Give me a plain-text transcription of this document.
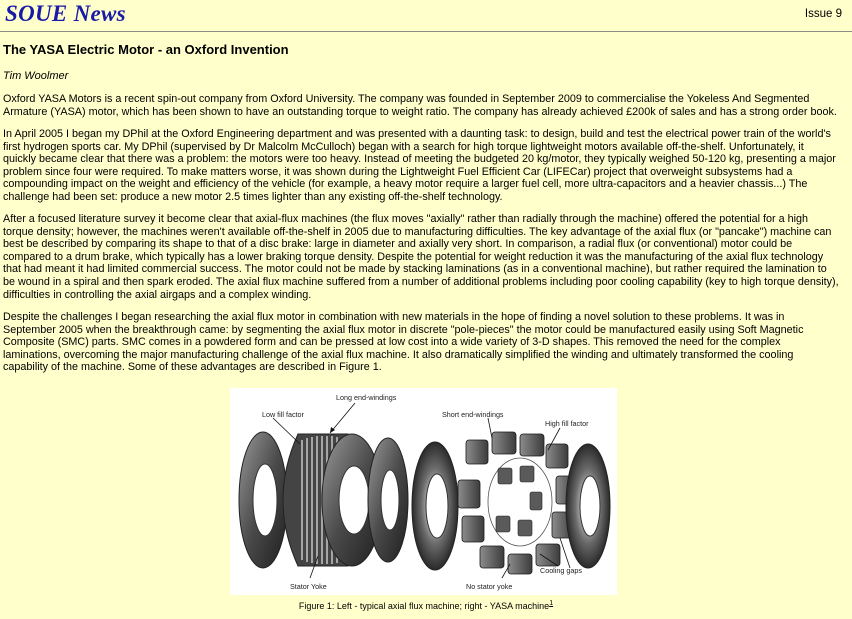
SOUE News	Issue 9
The YASA Electric Motor - an Oxford Invention
Tim Woolmer

Oxford YASA Motors is a recent spin-out company from Oxford University. The company was founded in September 2009 to commercialise the Yokeless And Segmented Armature (YASA) motor, which has been shown to have an outstanding torque to weight ratio. The company has already achieved £200k of sales and has a strong order book.

In April 2005 I began my DPhil at the Oxford Engineering department and was presented with a daunting task: to design, build and test the electrical power train of the world's first hydrogen sports car. My DPhil (supervised by Dr Malcolm McCulloch) began with a search for high torque lightweight motors available off-the-shelf. Unfortunately, it quickly became clear that there was a problem: the motors were too heavy. Instead of meeting the budgeted 20 kg/motor, they typically weighed 50-120 kg, presenting a major problem since four were required. To make matters worse, it was shown during the Lightweight Fuel Efficient Car (LIFECar) project that overweight subsystems had a compounding impact on the weight and efficiency of the vehicle (for example, a heavy motor require a larger fuel cell, more ultra-capacitors and a heavier chassis...) The challenge had been set: produce a new motor 2.5 times lighter than any existing off-the-shelf technology.

After a focused literature survey it become clear that axial-flux machines (the flux moves "axially" rather than radially through the machine) offered the potential for a high torque density; however, the machines weren't available off-the-shelf in 2005 due to manufacturing difficulties. The key advantage of the axial flux (or "pancake") machine can best be described by comparing its shape to that of a disc brake: large in diameter and axially very short. In comparison, a radial flux (or conventional) motor could be compared to a drum brake, which typically has a lower braking torque density. Despite the potential for weight reduction it was the manufacturing of the axial flux technology that had meant it had limited commercial success. The motor could not be made by stacking laminations (as in a conventional machine), but rather required the lamination to be wound in a spiral and then spark eroded. The axial flux machine suffered from a number of additional problems including poor cooling capability (key to high torque density), difficulties in controlling the axial airgaps and a complex winding.

Despite the challenges I began researching the axial flux motor in combination with new materials in the hope of finding a novel solution to these problems. It was in September 2005 when the breakthrough came: by segmenting the axial flux motor in discrete "pole-pieces" the motor could be manufactured easily using Soft Magnetic Composite (SMC) parts. SMC comes in a powdered form and can be pressed at low cost into a wide variety of 3-D shapes. This removed the need for the complex laminations, overcoming the major manufacturing challenge of the axial flux machine. It also dramatically simplified the winding and ultimately transformed the cooling capability of the machine. Some of these advantages are described in Figure 1.

Long end-windings
Low fill factor	Short end-windings
High fill factor
Cooling gaps
Stator Yoke	No stator yoke
Figure 1: Left - typical axial flux machine; right - YASA machine$^1$
